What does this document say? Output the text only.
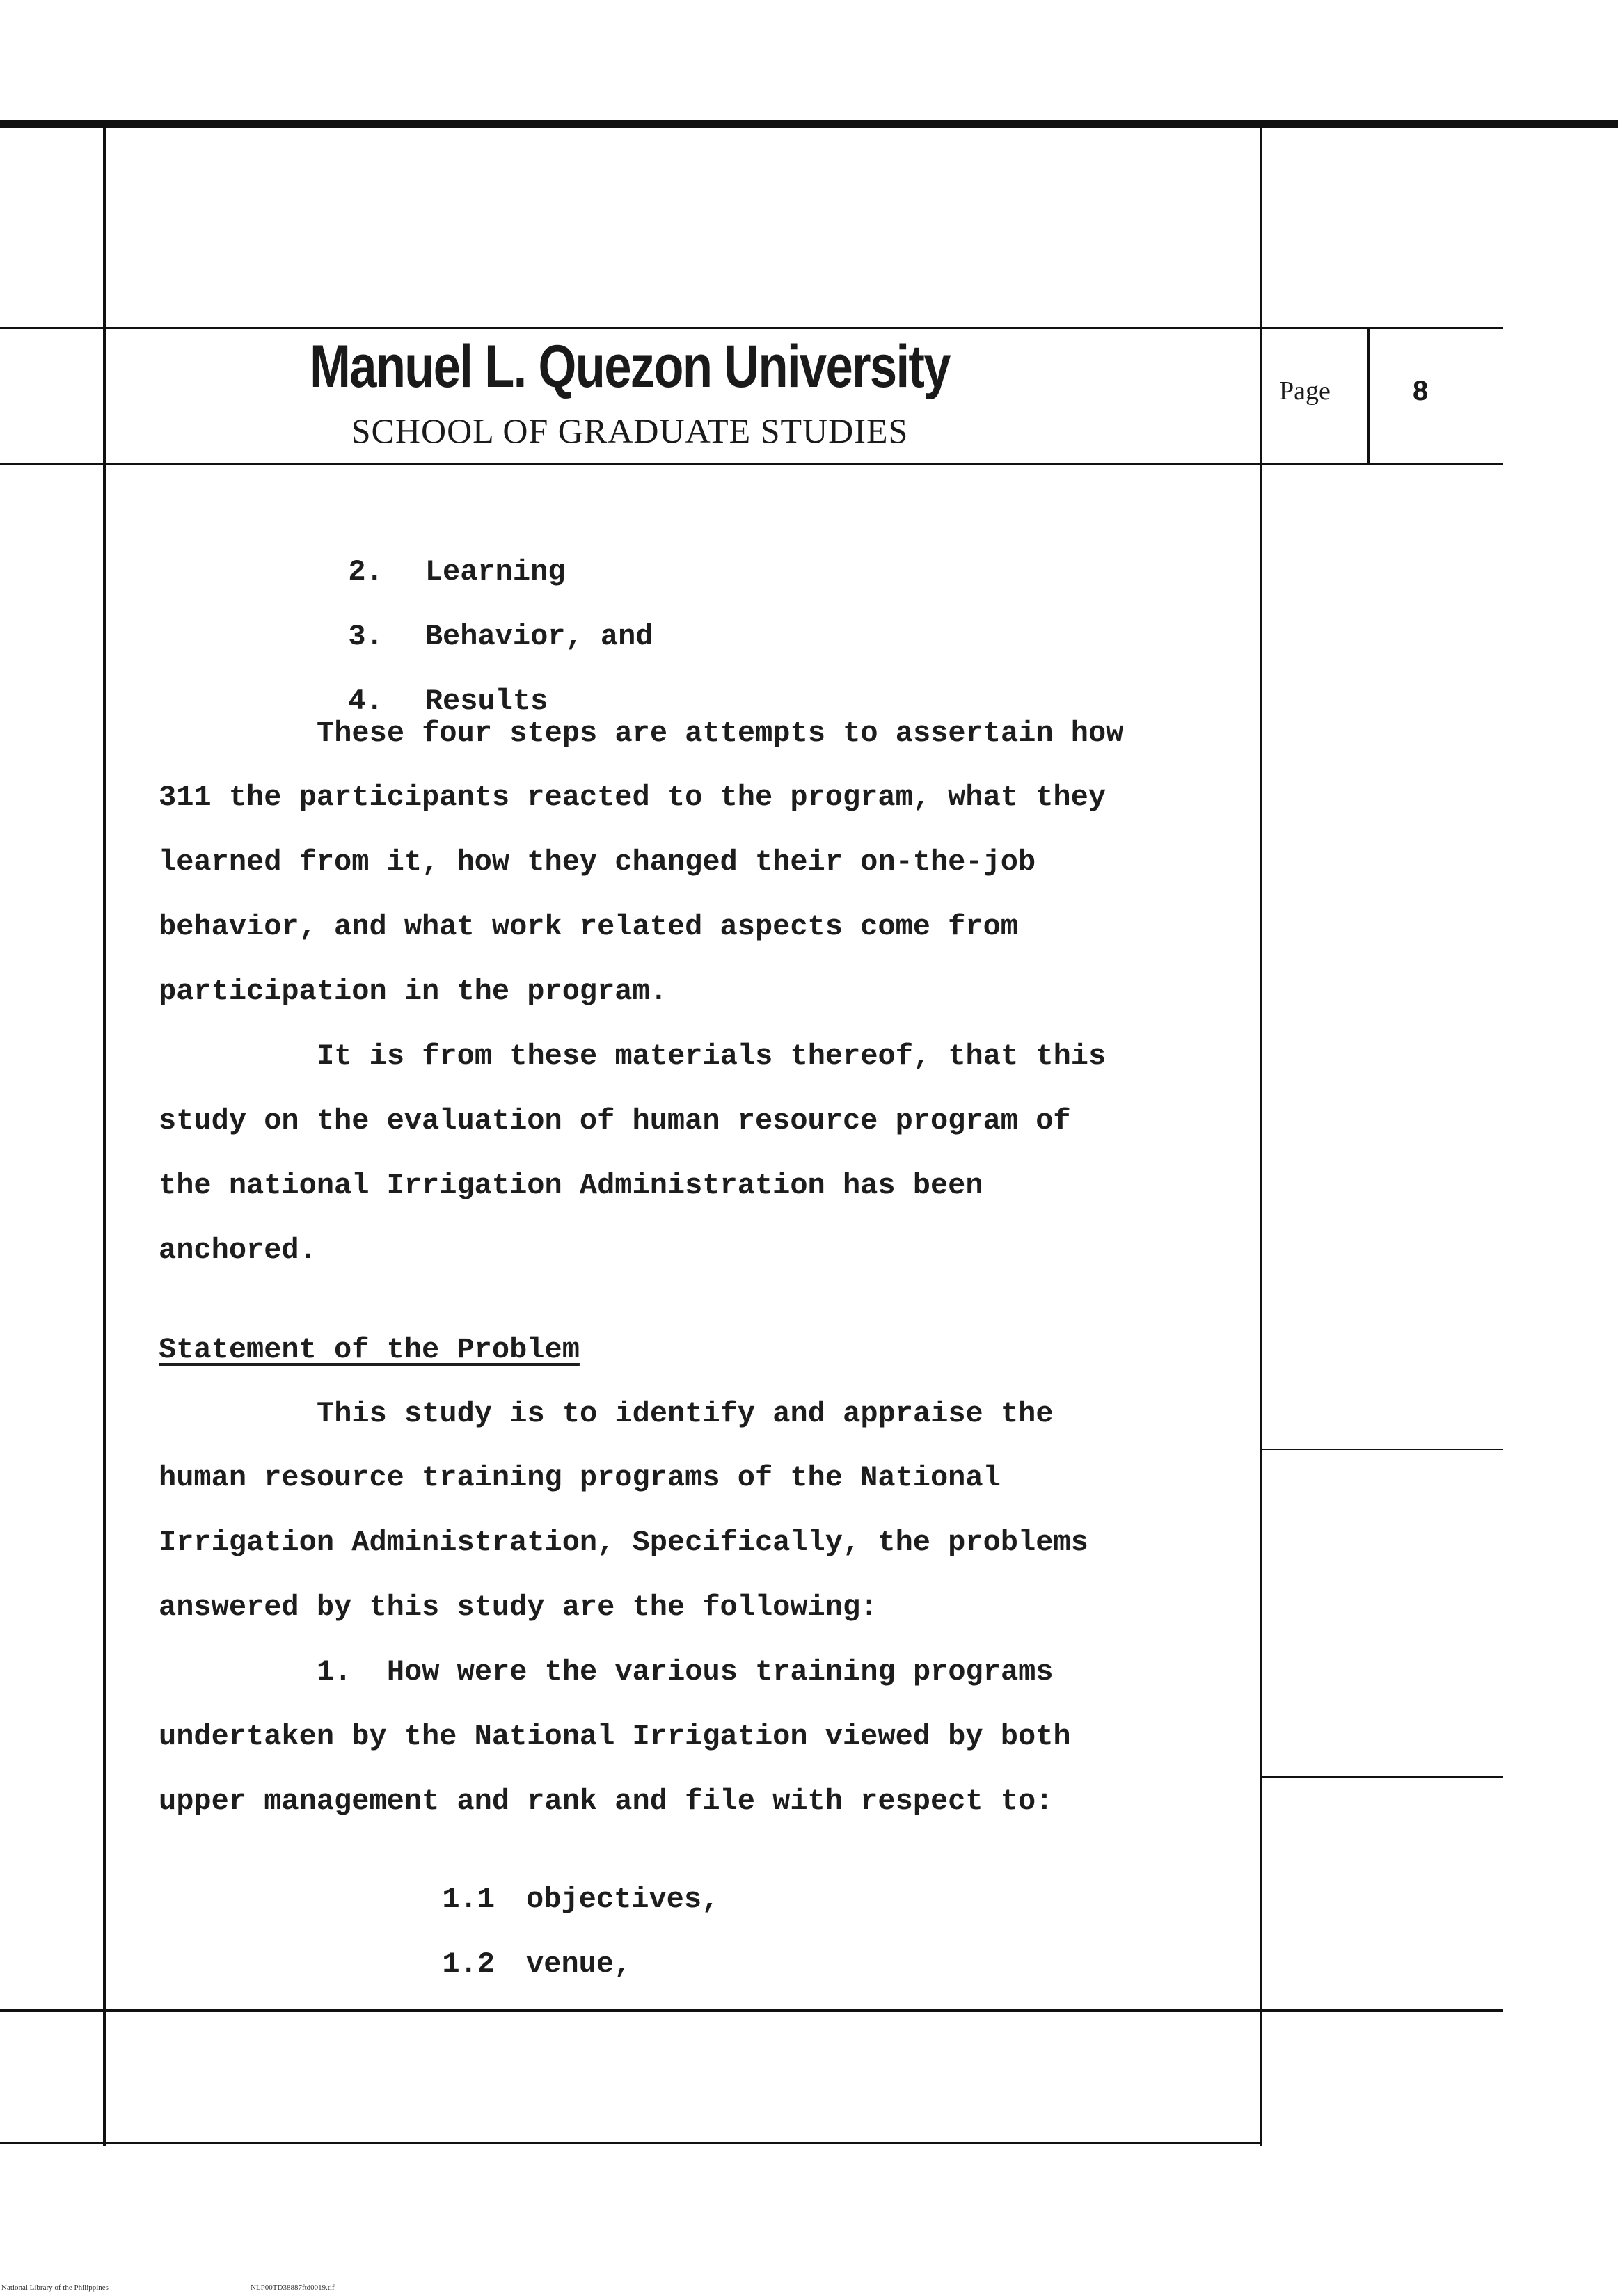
Manuel L. Quezon University
SCHOOL OF GRADUATE STUDIES
Page	8

2. Learning

3. Behavior, and

4. Results

These four steps are attempts to assertain how
311 the participants reacted to the program, what they
learned from it, how they changed their on-the-job
behavior, and what work related aspects come from
participation in the program.
It is from these materials thereof, that this
study on the evaluation of human resource program of
the national Irrigation Administration has been
anchored.
Statement of the Problem
This study is to identify and appraise the
human resource training programs of the National
Irrigation Administration, Specifically, the problems
answered by this study are the following:
1.  How were the various training programs
undertaken by the National Irrigation viewed by both
upper management and rank and file with respect to:

1.1 objectives,

1.2 venue,

National Library of the Philippines	NLP00TD38887ftd0019.tif
